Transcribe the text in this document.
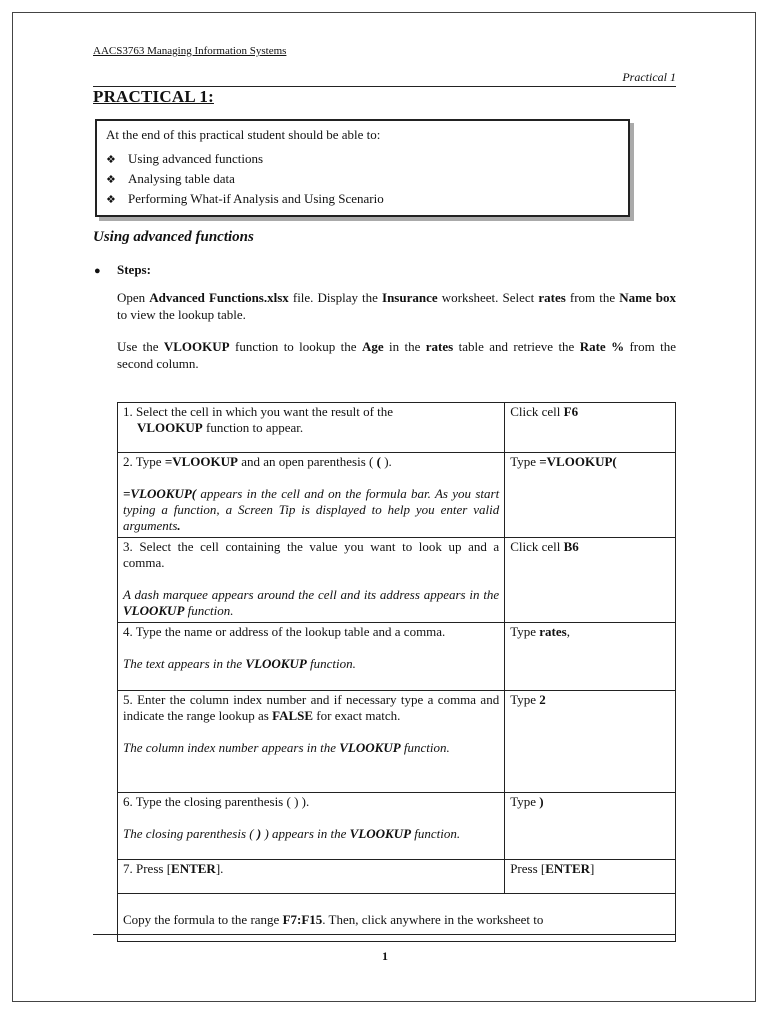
AACS3763 Managing Information Systems
Practical 1
PRACTICAL 1:
At the end of this practical student should be able to:
❖ Using advanced functions
❖ Analysing table data
❖ Performing What-if Analysis and Using Scenario
Using advanced functions
●	Steps:
Open Advanced Functions.xlsx file. Display the Insurance worksheet. Select rates from the Name box to view the lookup table.
Use the VLOOKUP function to lookup the Age in the rates table and retrieve the Rate % from the second column.
1. Select the cell in which you want the result of the
VLOOKUP function to appear.	Click cell F6

2. Type =VLOOKUP and an open parenthesis ( ( ).
=VLOOKUP( appears in the cell and on the formula bar. As you start typing a function, a Screen Tip is displayed to help you enter valid arguments.	Type =VLOOKUP(

3. Select the cell containing the value you want to look up and a comma.
A dash marquee appears around the cell and its address appears in the VLOOKUP function.	Click cell B6

4. Type the name or address of the lookup table and a comma.
The text appears in the VLOOKUP function.	Type rates,

5. Enter the column index number and if necessary type a comma and indicate the range lookup as FALSE for exact match.
The column index number appears in the VLOOKUP function.	Type 2

6. Type the closing parenthesis ( ) ).
The closing parenthesis ( ) ) appears in the VLOOKUP function.	Type )
7. Press [ENTER].	Press [ENTER]
Copy the formula to the range F7:F15. Then, click anywhere in the worksheet to	
1
